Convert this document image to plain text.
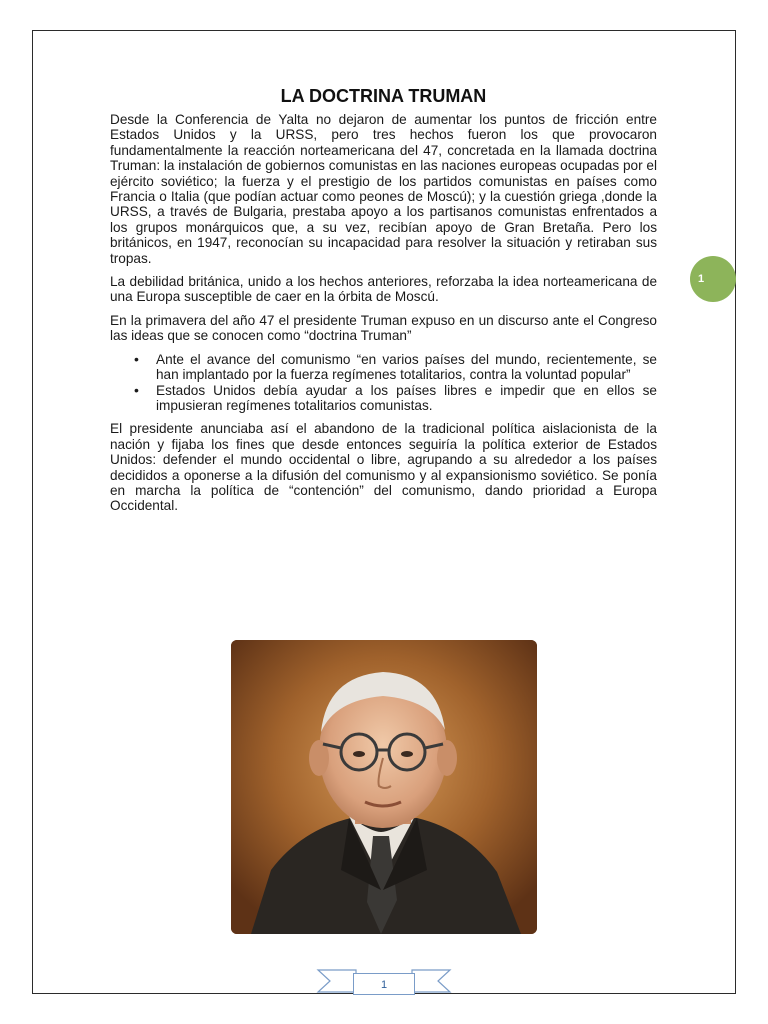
LA DOCTRINA TRUMAN

Desde la Conferencia de Yalta no dejaron de aumentar los puntos de fricción entre Estados Unidos y la URSS, pero tres hechos fueron los que provocaron fundamentalmente la reacción norteamericana del 47, concretada en la llamada doctrina Truman: la instalación de gobiernos comunistas en las naciones europeas ocupadas por el ejército soviético; la fuerza y el prestigio de los partidos comunistas en países como Francia o Italia (que podían actuar como peones de Moscú); y la cuestión griega ,donde la URSS, a través de Bulgaria, prestaba apoyo a los partisanos comunistas enfrentados a los grupos monárquicos que, a su vez, recibían apoyo de Gran Bretaña. Pero los británicos, en 1947, reconocían su incapacidad para resolver la situación y retiraban sus tropas.

La debilidad británica, unido a los hechos anteriores, reforzaba la idea norteamericana de una Europa susceptible de caer en la órbita de Moscú.

En la primavera del año 47 el presidente Truman expuso en un discurso ante el Congreso las ideas que se conocen como “doctrina Truman”

• Ante el avance del comunismo “en varios países del mundo, recientemente, se han implantado por la fuerza regímenes totalitarios, contra la voluntad popular”
• Estados Unidos debía ayudar a los países libres e impedir que en ellos se impusieran regímenes totalitarios comunistas.

El presidente anunciaba así el abandono de la tradicional política aislacionista de la nación y fijaba los fines que desde entonces seguiría la política exterior de Estados Unidos: defender el mundo occidental o libre, agrupando a su alrededor a los países decididos a oponerse a la difusión del comunismo y al expansionismo soviético. Se ponía en marcha la política de “contención” del comunismo, dando prioridad a Europa Occidental.

1
1
